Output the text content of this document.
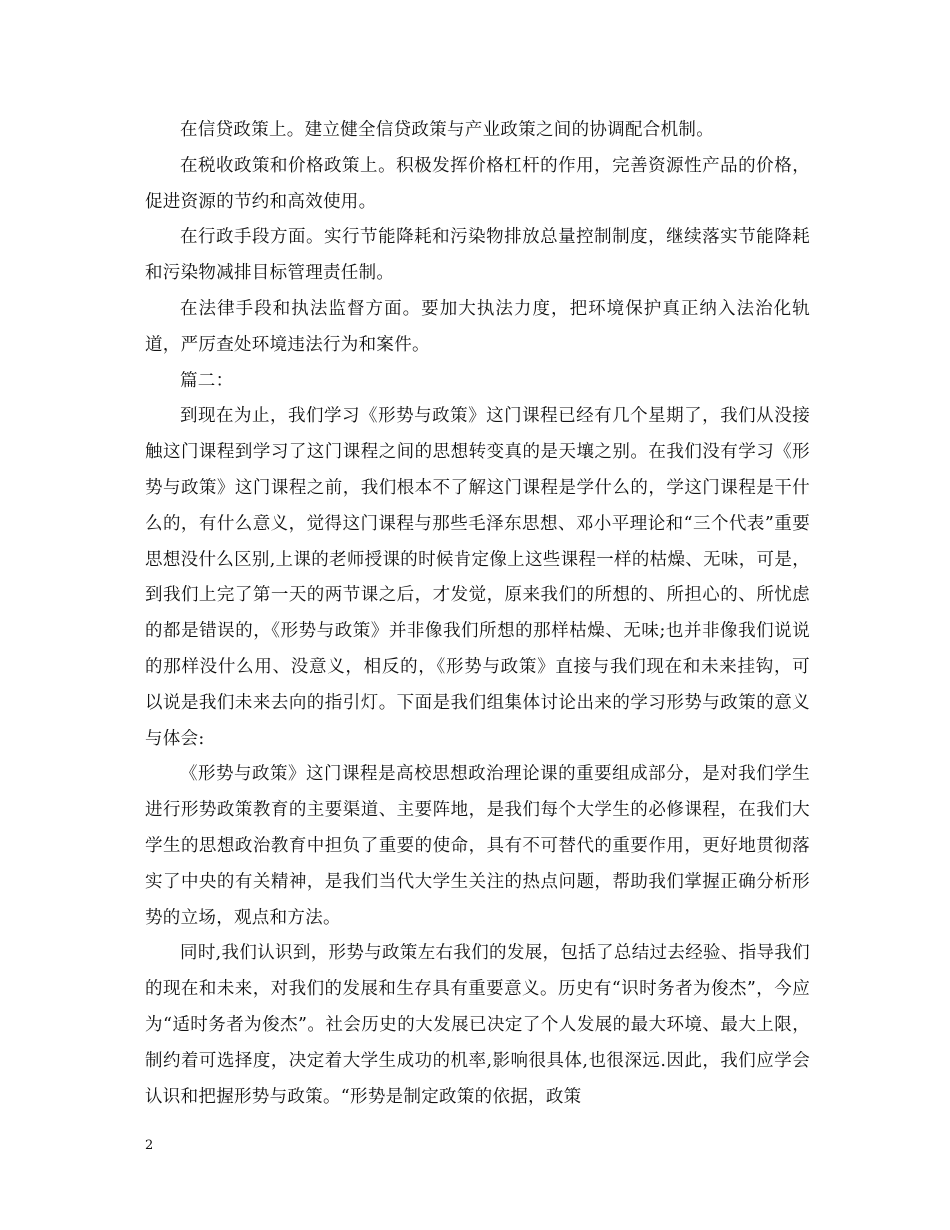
在信贷政策上。建立健全信贷政策与产业政策之间的协调配合机制。

在税收政策和价格政策上。积极发挥价格杠杆的作用，完善资源性产品的价格，促进资源的节约和高效使用。

在行政手段方面。实行节能降耗和污染物排放总量控制制度，继续落实节能降耗和污染物减排目标管理责任制。

在法律手段和执法监督方面。要加大执法力度，把环境保护真正纳入法治化轨道，严厉查处环境违法行为和案件。

篇二：

到现在为止，我们学习《形势与政策》这门课程已经有几个星期了，我们从没接触这门课程到学习了这门课程之间的思想转变真的是天壤之别。在我们没有学习《形势与政策》这门课程之前，我们根本不了解这门课程是学什么的，学这门课程是干什么的，有什么意义，觉得这门课程与那些毛泽东思想、邓小平理论和“三个代表”重要思想没什么区别,上课的老师授课的时候肯定像上这些课程一样的枯燥、无味，可是，到我们上完了第一天的两节课之后，才发觉，原来我们的所想的、所担心的、所忧虑的都是错误的，《形势与政策》并非像我们所想的那样枯燥、无味;也并非像我们说说的那样没什么用、没意义，相反的，《形势与政策》直接与我们现在和未来挂钩，可以说是我们未来去向的指引灯。下面是我们组集体讨论出来的学习形势与政策的意义与体会:

《形势与政策》这门课程是高校思想政治理论课的重要组成部分，是对我们学生进行形势政策教育的主要渠道、主要阵地，是我们每个大学生的必修课程，在我们大学生的思想政治教育中担负了重要的使命，具有不可替代的重要作用，更好地贯彻落实了中央的有关精神，是我们当代大学生关注的热点问题，帮助我们掌握正确分析形势的立场，观点和方法。

同时,我们认识到，形势与政策左右我们的发展，包括了总结过去经验、指导我们的现在和未来，对我们的发展和生存具有重要意义。历史有“识时务者为俊杰”，今应为“适时务者为俊杰”。社会历史的大发展已决定了个人发展的最大环境、最大上限，制约着可选择度，决定着大学生成功的机率,影响很具体,也很深远.因此，我们应学会认识和把握形势与政策。“形势是制定政策的依据，政策

2
